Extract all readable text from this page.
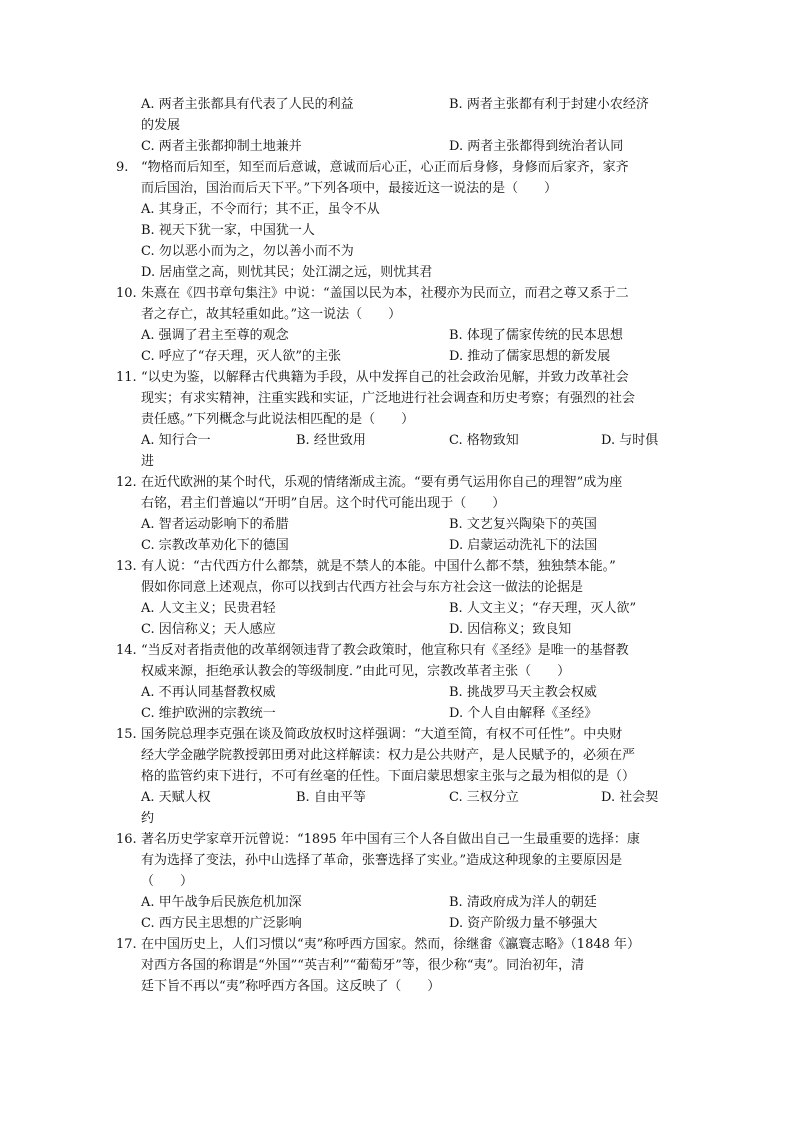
A. 两者主张都具有代表了人民的利益	B. 两者主张都有利于封建小农经济
的发展
C. 两者主张都抑制土地兼并	D. 两者主张都得到统治者认同
9. “物格而后知至，知至而后意诚，意诚而后心正，心正而后身修，身修而后家齐，家齐
而后国治，国治而后天下平。”下列各项中，最接近这一说法的是（　　）
A. 其身正，不令而行；其不正，虽令不从
B. 视天下犹一家，中国犹一人
C. 勿以恶小而为之，勿以善小而不为
D. 居庙堂之高，则忧其民；处江湖之远，则忧其君
10. 朱熹在《四书章句集注》中说：“盖国以民为本，社稷亦为民而立，而君之尊又系于二
者之存亡，故其轻重如此。”这一说法（　　）
A. 强调了君主至尊的观念	B. 体现了儒家传统的民本思想
C. 呼应了“存天理，灭人欲”的主张	D. 推动了儒家思想的新发展
11. “以史为鉴，以解释古代典籍为手段，从中发挥自己的社会政治见解，并致力改革社会
现实；有求实精神，注重实践和实证，广泛地进行社会调查和历史考察；有强烈的社会
责任感。”下列概念与此说法相匹配的是（　　）
A. 知行合一	B. 经世致用	C. 格物致知	D. 与时俱
进
12. 在近代欧洲的某个时代，乐观的情绪渐成主流。“要有勇气运用你自己的理智”成为座
右铭，君主们普遍以“开明”自居。这个时代可能出现于（　　）
A. 智者运动影响下的希腊	B. 文艺复兴陶染下的英国
C. 宗教改革劝化下的德国	D. 启蒙运动洗礼下的法国
13. 有人说：“古代西方什么都禁，就是不禁人的本能。中国什么都不禁，独独禁本能。”
假如你同意上述观点，你可以找到古代西方社会与东方社会这一做法的论据是
A. 人文主义；民贵君轻	B. 人文主义；“存天理，灭人欲”
C. 因信称义；天人感应	D. 因信称义；致良知
14. “当反对者指责他的改革纲领违背了教会政策时，他宣称只有《圣经》是唯一的基督教
权威来源，拒绝承认教会的等级制度．”由此可见，宗教改革者主张（　　）
A. 不再认同基督教权威	B. 挑战罗马天主教会权威
C. 维护欧洲的宗教统一	D. 个人自由解释《圣经》
15. 国务院总理李克强在谈及简政放权时这样强调：“大道至简，有权不可任性”。中央财
经大学金融学院教授郭田勇对此这样解读：权力是公共财产，是人民赋予的，必须在严
格的监管约束下进行，不可有丝毫的任性。下面启蒙思想家主张与之最为相似的是（）
A. 天赋人权	B. 自由平等	C. 三权分立	D. 社会契
约
16. 著名历史学家章开沅曾说：“1895 年中国有三个人各自做出自己一生最重要的选择：康
有为选择了变法，孙中山选择了革命，张謇选择了实业。”造成这种现象的主要原因是
（　　）
A. 甲午战争后民族危机加深	B. 清政府成为洋人的朝廷
C. 西方民主思想的广泛影响	D. 资产阶级力量不够强大
17. 在中国历史上，人们习惯以“夷”称呼西方国家。然而，徐继畬《瀛寰志略》（1848 年）
对西方各国的称谓是“外国”“英吉利”“葡萄牙”等，很少称“夷”。同治初年，清
廷下旨不再以“夷”称呼西方各国。这反映了（　　）
